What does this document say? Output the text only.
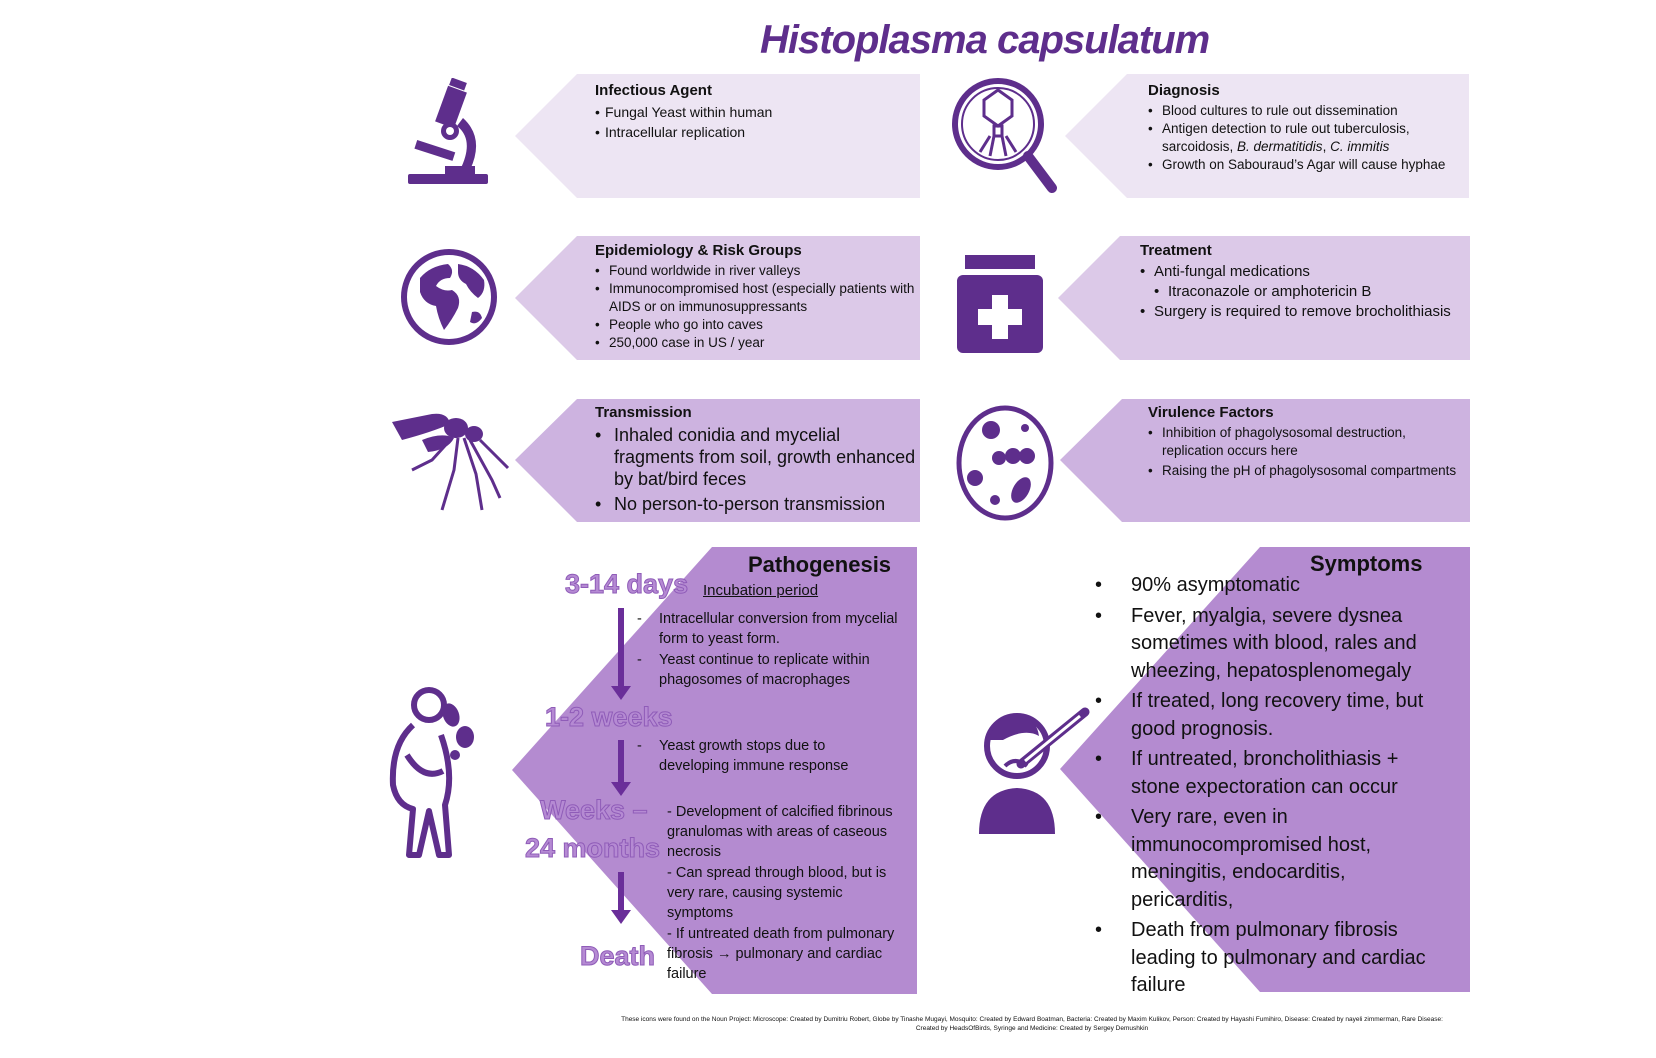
Histoplasma capsulatum
Infectious Agent
• Fungal Yeast within human
• Intracellular replication
Diagnosis
• Blood cultures to rule out dissemination
• Antigen detection to rule out tuberculosis, sarcoidosis, B. dermatitidis, C. immitis
• Growth on Sabouraud’s Agar will cause hyphae
Epidemiology & Risk Groups
• Found worldwide in river valleys
• Immunocompromised host (especially patients with AIDS or on immunosuppressants
• People who go into caves
• 250,000 case in US / year
Treatment
• Anti-fungal medications
• Itraconazole or amphotericin B
• Surgery is required to remove brocholithiasis
Transmission
• Inhaled conidia and mycelial fragments from soil, growth enhanced by bat/bird feces
• No person-to-person transmission
Virulence Factors
• Inhibition of phagolysosomal destruction, replication occurs here
• Raising the pH of phagolysosomal compartments
Pathogenesis
Incubation period
3-14 days
1-2 weeks
Weeks –
24 months
Death
- Intracellular conversion from mycelial form to yeast form.
- Yeast continue to replicate within phagosomes of macrophages
- Yeast growth stops due to developing immune response
- Development of calcified fibrinous granulomas with areas of caseous necrosis
- Can spread through blood, but is very rare, causing systemic symptoms
- If untreated death from pulmonary fibrosis → pulmonary and cardiac failure
Symptoms
• 90% asymptomatic
• Fever, myalgia, severe dysnea sometimes with blood, rales and wheezing, hepatosplenomegaly
• If treated, long recovery time, but good prognosis.
• If untreated, broncholithiasis + stone expectoration can occur
• Very rare, even in immunocompromised host, meningitis, endocarditis, pericarditis,
• Death from pulmonary fibrosis leading to pulmonary and cardiac failure
These icons were found on the Noun Project: Microscope: Created by Dumitriu Robert, Globe by Tinashe Mugayi, Mosquito: Created by Edward Boatman, Bacteria: Created by Maxim Kulikov, Person: Created by Hayashi Fumihiro, Disease: Created by nayeli zimmerman, Rare Disease: Created by HeadsOfBirds, Syringe and Medicine: Created by Sergey Demushkin
